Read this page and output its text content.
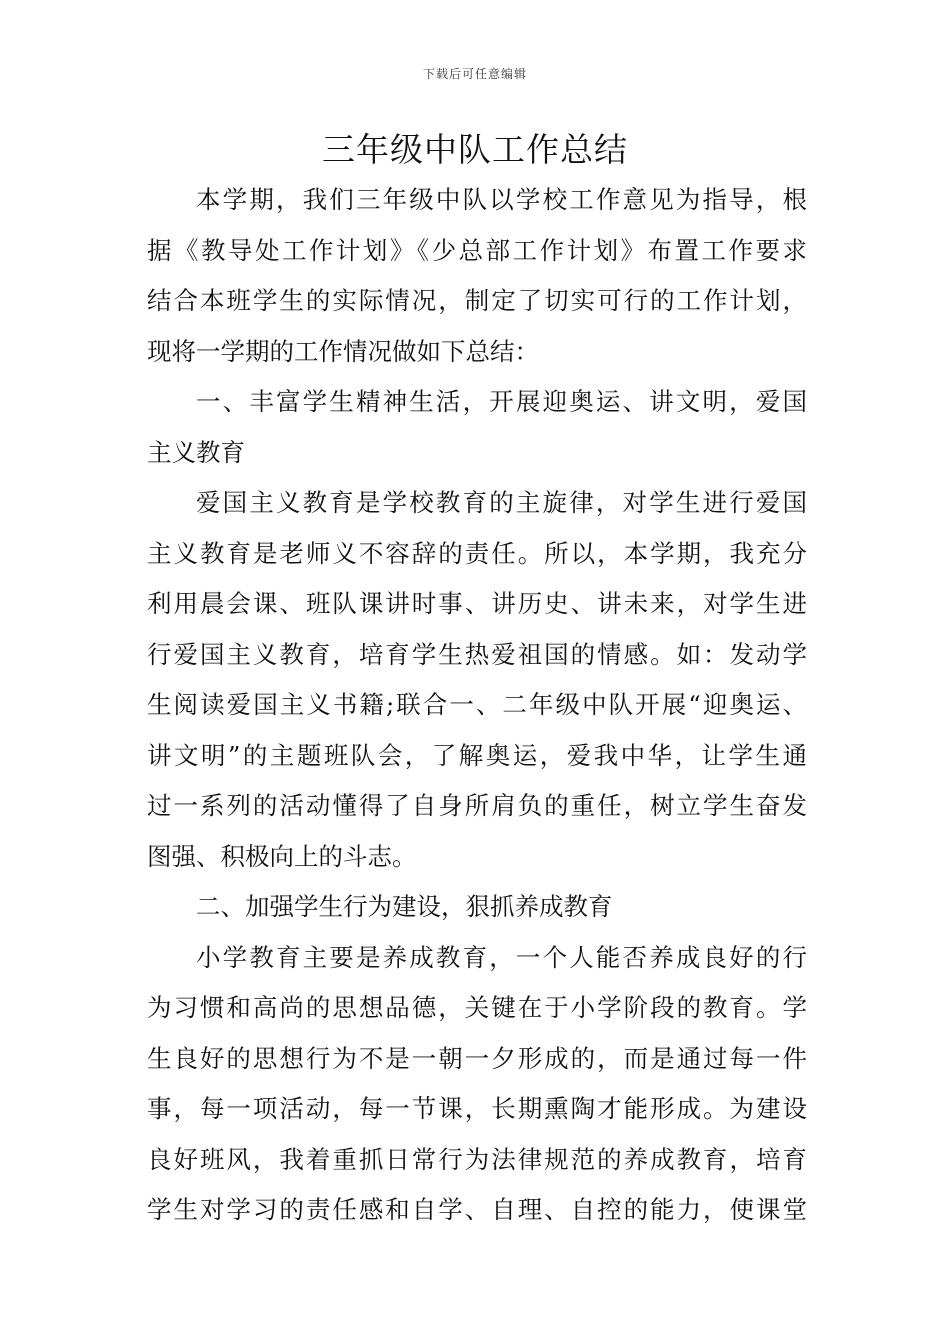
下载后可任意编辑
三年级中队工作总结
本学期，我们三年级中队以学校工作意见为指导，根
据《教导处工作计划》《少总部工作计划》布置工作要求
结合本班学生的实际情况，制定了切实可行的工作计划，
现将一学期的工作情况做如下总结：
一、丰富学生精神生活，开展迎奥运、讲文明，爱国
主义教育
爱国主义教育是学校教育的主旋律，对学生进行爱国
主义教育是老师义不容辞的责任。所以，本学期，我充分
利用晨会课、班队课讲时事、讲历史、讲未来，对学生进
行爱国主义教育，培育学生热爱祖国的情感。如：发动学
生阅读爱国主义书籍;联合一、二年级中队开展“迎奥运、
讲文明”的主题班队会，了解奥运，爱我中华，让学生通
过一系列的活动懂得了自身所肩负的重任，树立学生奋发
图强、积极向上的斗志。
二、加强学生行为建设，狠抓养成教育
小学教育主要是养成教育，一个人能否养成良好的行
为习惯和高尚的思想品德，关键在于小学阶段的教育。学
生良好的思想行为不是一朝一夕形成的，而是通过每一件
事，每一项活动，每一节课，长期熏陶才能形成。为建设
良好班风，我着重抓日常行为法律规范的养成教育，培育
学生对学习的责任感和自学、自理、自控的能力，使课堂
